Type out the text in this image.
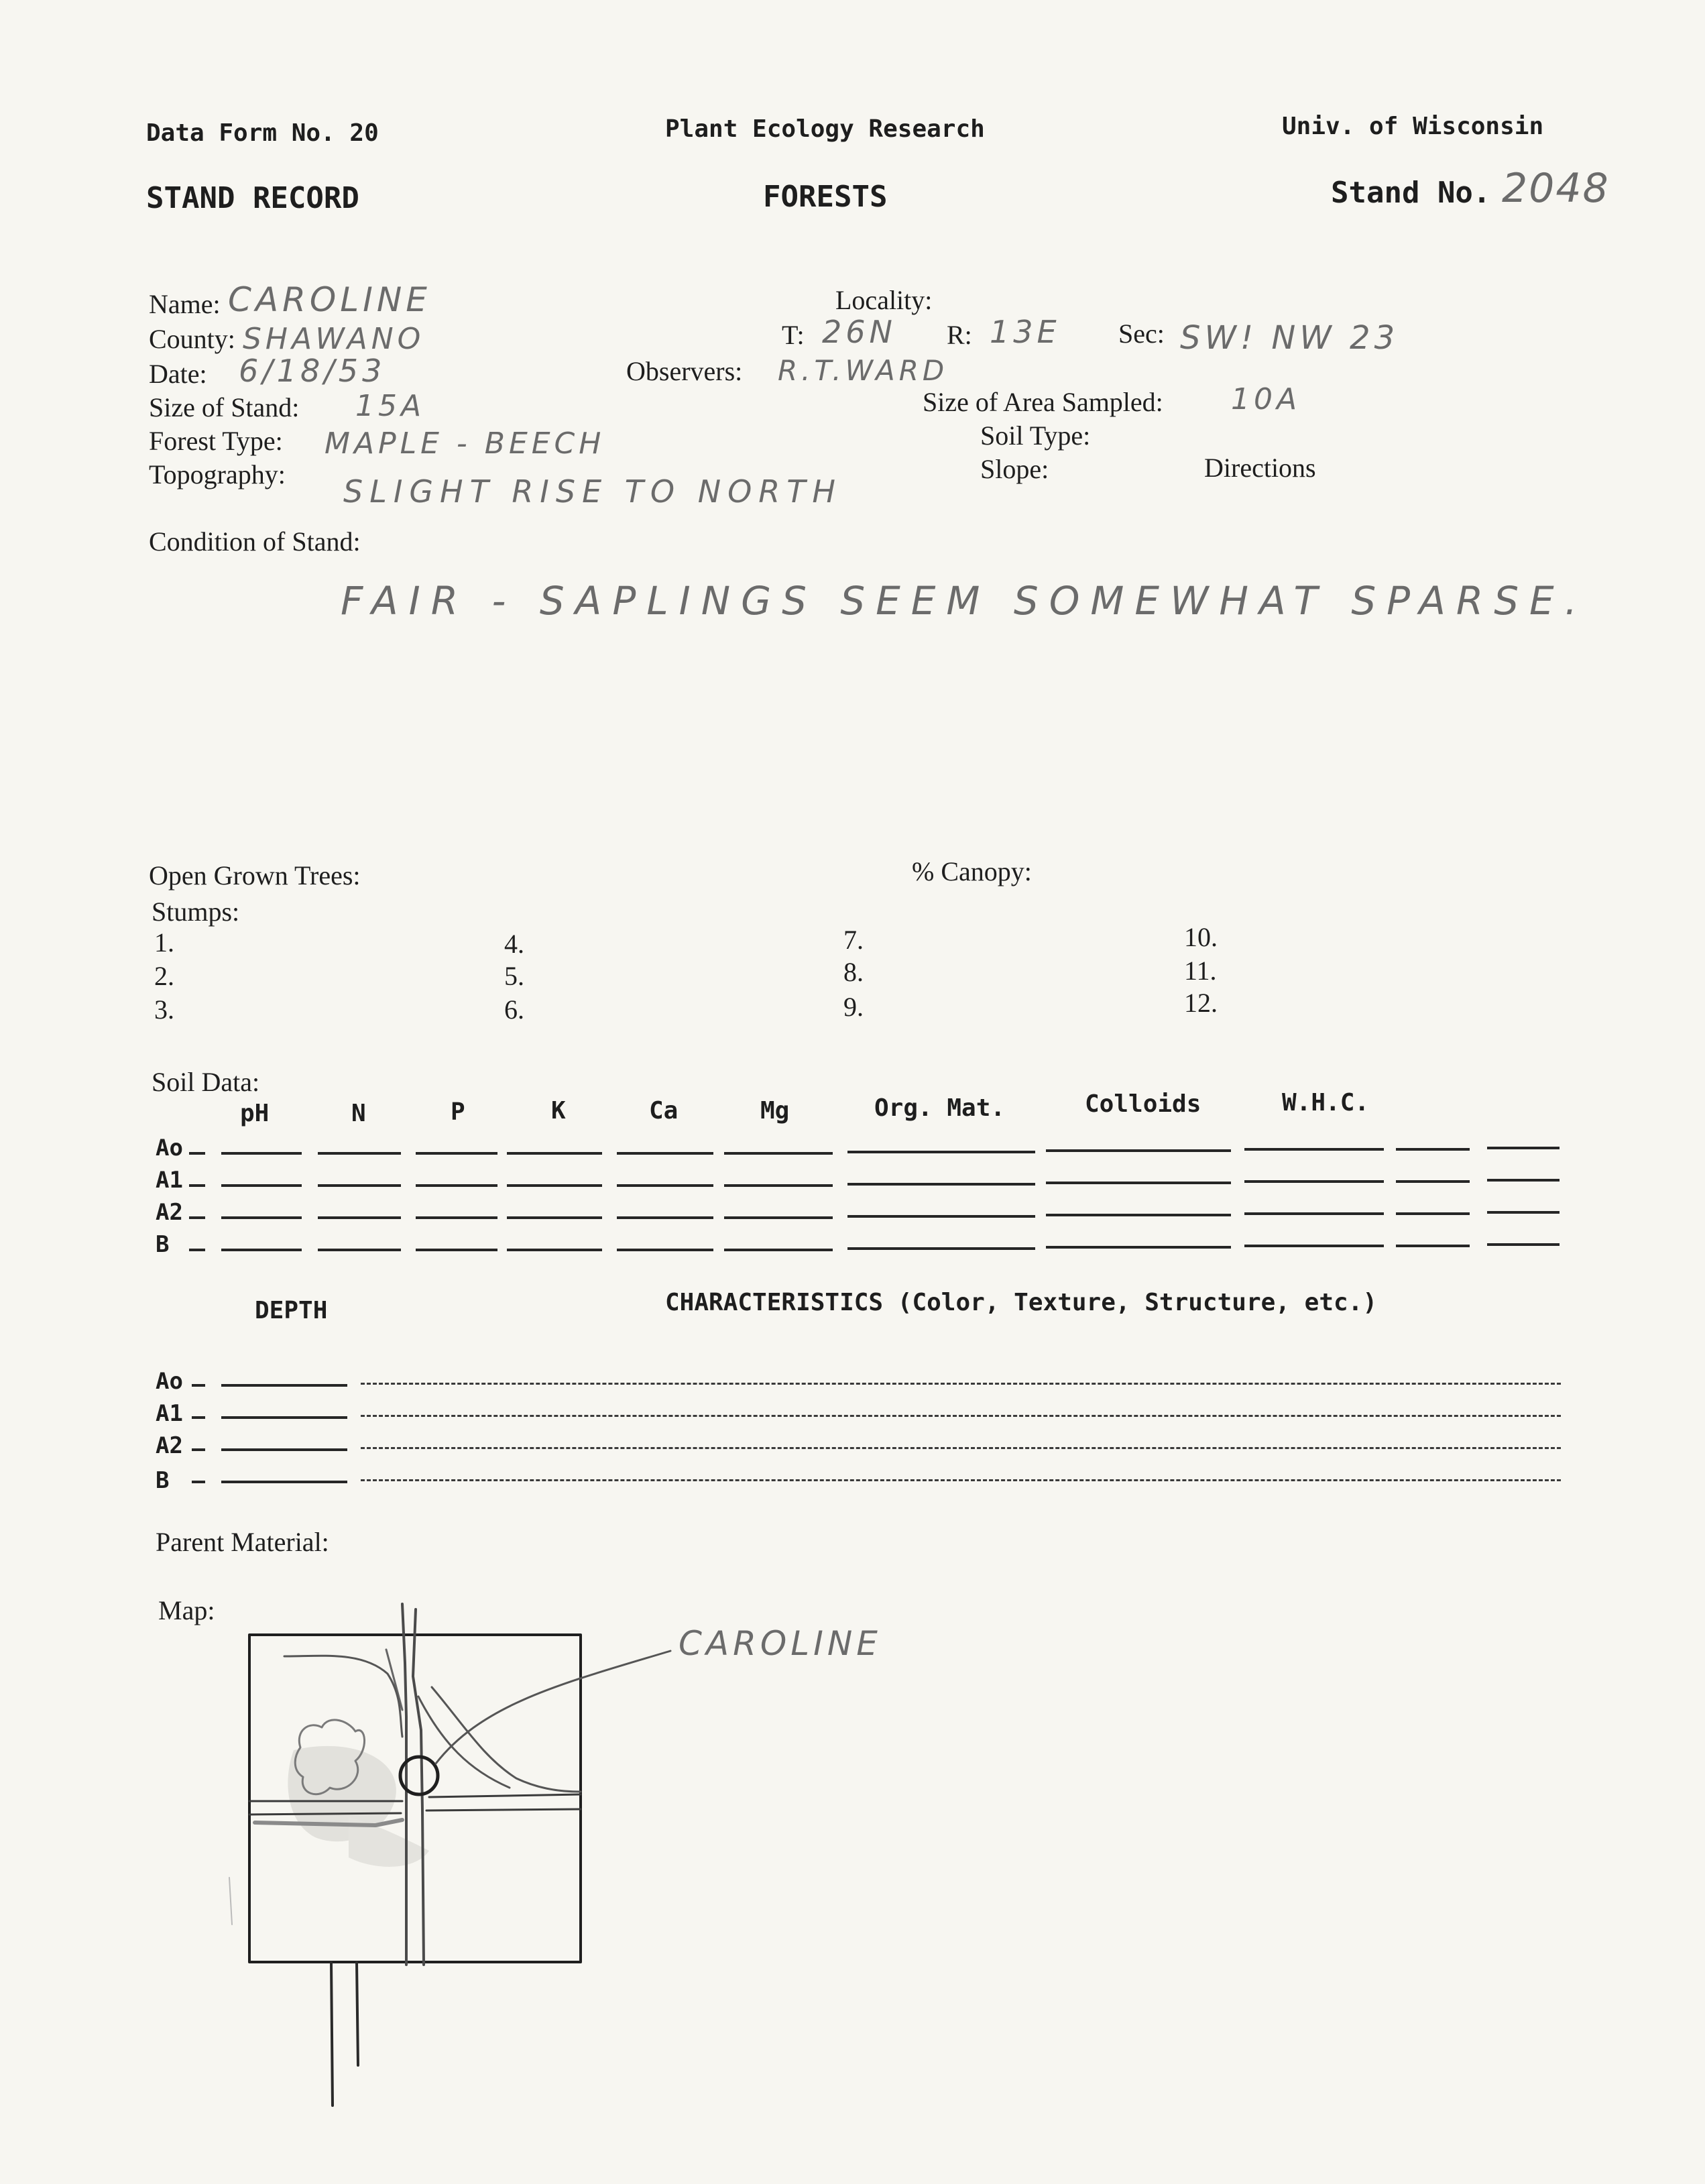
Data Form No. 20	Plant Ecology Research	Univ. of Wisconsin
STAND RECORD	FORESTS	Stand No. 2048
Name: CAROLINE
County: SHAWANO
Date: 6/18/53
Size of Stand: 15A
Forest Type: MAPLE - BEECH
Topography: SLIGHT RISE TO NORTH
Locality:
T: 26N R: 13E Sec: SW! NW 23
Observers: R.T.WARD
Size of Area Sampled: 10A
Soil Type:
Slope:	Directions
Condition of Stand:
FAIR - SAPLINGS SEEM SOMEWHAT SPARSE.
Open Grown Trees:	% Canopy:
Stumps:
1.
2.
3.
4.
5.
6.
7.
8.
9.
10.
11.
12.
Soil Data:
pH	N	P	K	Ca	Mg	Org. Mat.	Colloids	W.H.C.
Ao
A1
A2
B
DEPTH	CHARACTERISTICS (Color, Texture, Structure, etc.)
Ao
A1
A2
B
Parent Material:
Map:
CAROLINE
